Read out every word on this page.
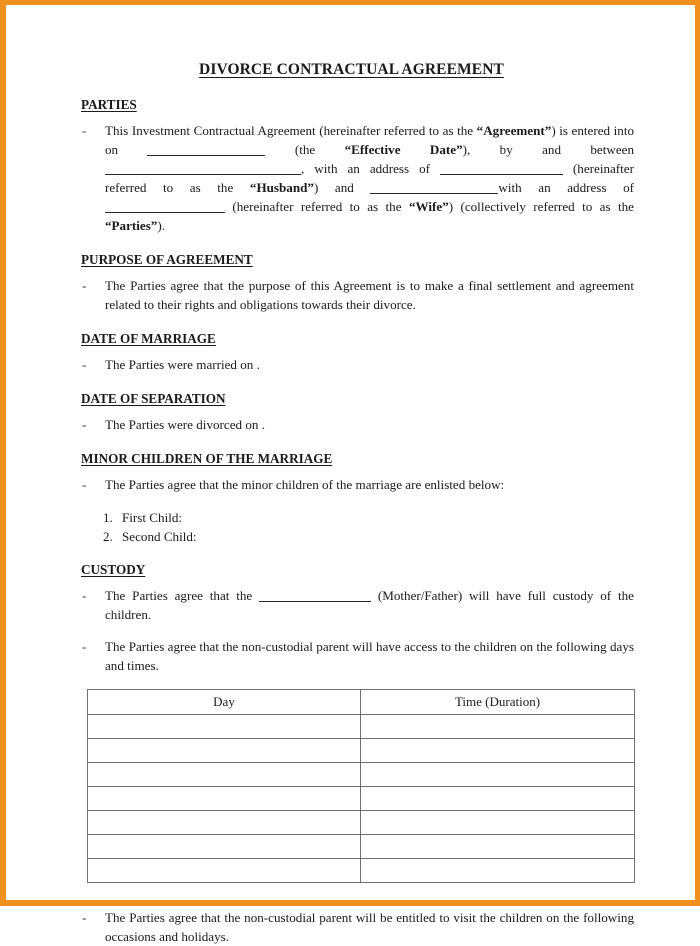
DIVORCE CONTRACTUAL AGREEMENT
PARTIES
-	This Investment Contractual Agreement (hereinafter referred to as the “Agreement”) is entered into on	(the “Effective Date”), by and between , with an address of	(hereinafter referred to as the “Husband”) and	with an address of  (hereinafter referred to as the “Wife”) (collectively referred to as the “Parties”).
PURPOSE OF AGREEMENT
-	The Parties agree that the purpose of this Agreement is to make a final settlement and agreement related to their rights and obligations towards their divorce.
DATE OF MARRIAGE
-	The Parties were married on .
DATE OF SEPARATION
-	The Parties were divorced on .
MINOR CHILDREN OF THE MARRIAGE
-	The Parties agree that the minor children of the marriage are enlisted below:
1. First Child:
2. Second Child:
CUSTODY
-	The Parties agree that the	(Mother/Father) will have full custody of the children.
-	The Parties agree that the non-custodial parent will have access to the children on the following days and times.
Day	Time (Duration)

-	The Parties agree that the non-custodial parent will be entitled to visit the children on the following occasions and holidays.
